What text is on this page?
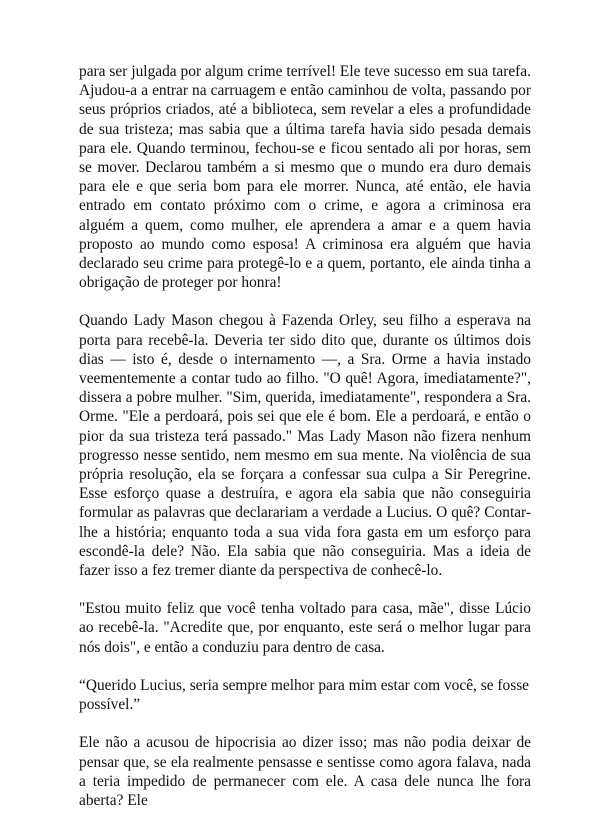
para ser julgada por algum crime terrível! Ele teve sucesso em sua tarefa. Ajudou-a a entrar na carruagem e então caminhou de volta, passando por seus próprios criados, até a biblioteca, sem revelar a eles a profundidade de sua tristeza; mas sabia que a última tarefa havia sido pesada demais para ele. Quando terminou, fechou-se e ficou sentado ali por horas, sem se mover. Declarou também a si mesmo que o mundo era duro demais para ele e que seria bom para ele morrer. Nunca, até então, ele havia entrado em contato próximo com o crime, e agora a criminosa era alguém a quem, como mulher, ele aprendera a amar e a quem havia proposto ao mundo como esposa! A criminosa era alguém que havia declarado seu crime para protegê-lo e a quem, portanto, ele ainda tinha a obrigação de proteger por honra!

Quando Lady Mason chegou à Fazenda Orley, seu filho a esperava na porta para recebê-la. Deveria ter sido dito que, durante os últimos dois dias — isto é, desde o internamento —, a Sra. Orme a havia instado veementemente a contar tudo ao filho. "O quê! Agora, imediatamente?", dissera a pobre mulher. "Sim, querida, imediatamente", respondera a Sra. Orme. "Ele a perdoará, pois sei que ele é bom. Ele a perdoará, e então o pior da sua tristeza terá passado." Mas Lady Mason não fizera nenhum progresso nesse sentido, nem mesmo em sua mente. Na violência de sua própria resolução, ela se forçara a confessar sua culpa a Sir Peregrine. Esse esforço quase a destruíra, e agora ela sabia que não conseguiria formular as palavras que declarariam a verdade a Lucius. O quê? Contar-lhe a história; enquanto toda a sua vida fora gasta em um esforço para escondê-la dele? Não. Ela sabia que não conseguiria. Mas a ideia de fazer isso a fez tremer diante da perspectiva de conhecê-lo.

"Estou muito feliz que você tenha voltado para casa, mãe", disse Lúcio ao recebê-la. "Acredite que, por enquanto, este será o melhor lugar para nós dois", e então a conduziu para dentro de casa.

“Querido Lucius, seria sempre melhor para mim estar com você, se fosse possível.”

Ele não a acusou de hipocrisia ao dizer isso; mas não podia deixar de pensar que, se ela realmente pensasse e sentisse como agora falava, nada a teria impedido de permanecer com ele. A casa dele nunca lhe fora aberta? Ele
